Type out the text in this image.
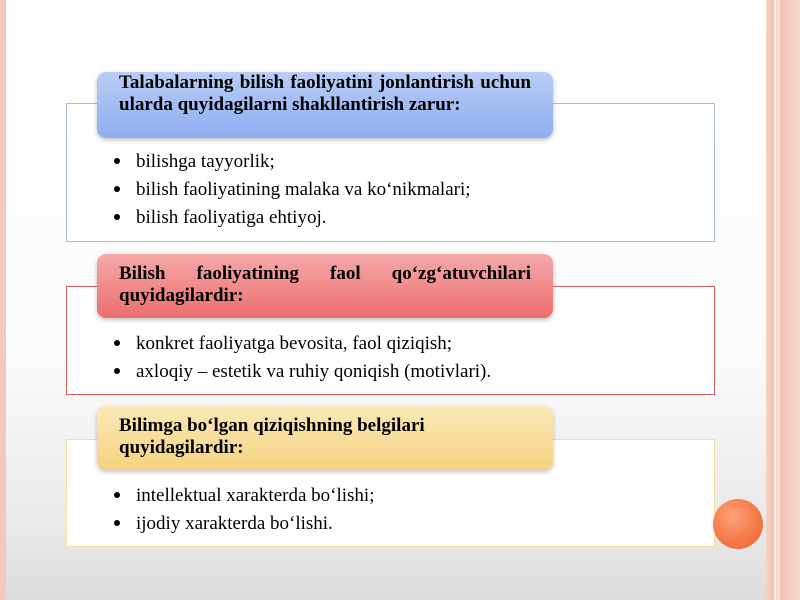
Talabalarning bilish faoliyatini jonlantirish uchun ularda quyidagilarni shakllantirish zarur:
bilishga tayyorlik;
bilish faoliyatining malaka va ko‘nikmalari;
bilish faoliyatiga ehtiyoj.
Bilish faoliyatining faol qo‘zg‘atuvchilari quyidagilardir:
konkret faoliyatga bevosita, faol qiziqish;
axloqiy – estetik va ruhiy qoniqish (motivlari).
Bilimga bo‘lgan qiziqishning belgilari quyidagilardir:
intellektual xarakterda bo‘lishi;
ijodiy xarakterda bo‘lishi.
